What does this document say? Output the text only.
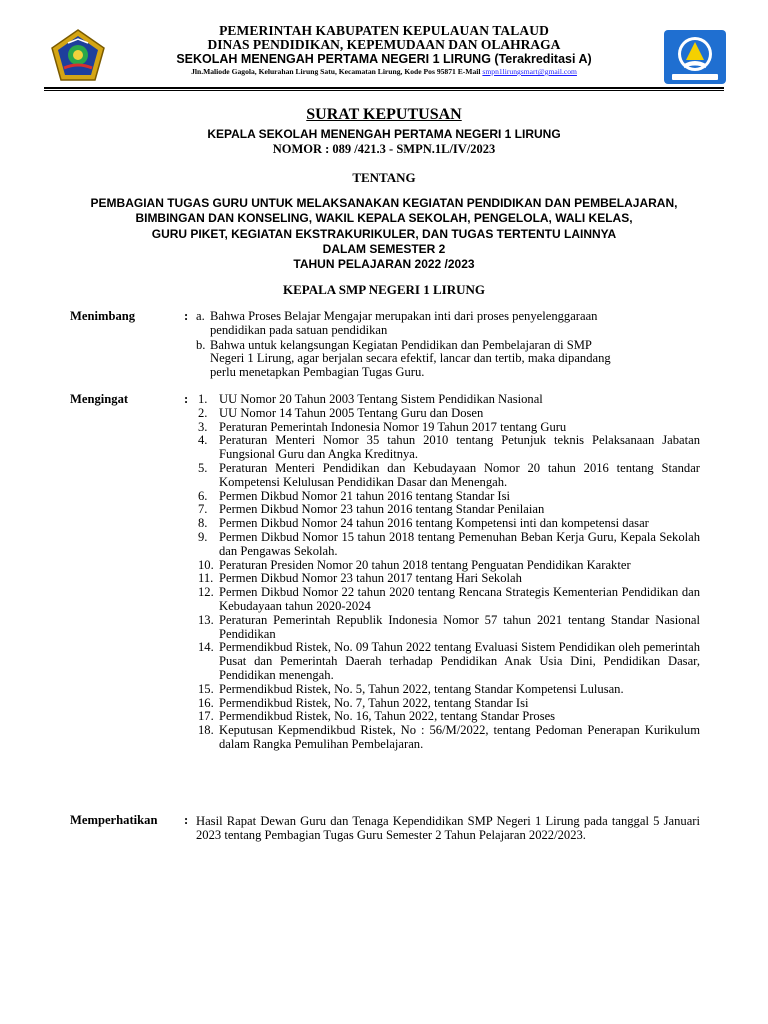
PEMERINTAH KABUPATEN KEPULAUAN TALAUD
DINAS PENDIDIKAN, KEPEMUDAAN DAN OLAHRAGA
SEKOLAH MENENGAH PERTAMA NEGERI 1 LIRUNG (Terakreditasi A)
Jln.Maliode Gagola, Kelurahan Lirung Satu, Kecamatan Lirung, Kode Pos 95871 E-Mail smpn1lirungsmart@gmail.com
SURAT KEPUTUSAN
KEPALA SEKOLAH MENENGAH PERTAMA NEGERI 1 LIRUNG
NOMOR : 089 /421.3 - SMPN.1L/IV/2023
TENTANG
PEMBAGIAN TUGAS GURU UNTUK MELAKSANAKAN KEGIATAN PENDIDIKAN DAN PEMBELAJARAN,
BIMBINGAN DAN KONSELING, WAKIL KEPALA SEKOLAH, PENGELOLA, WALI KELAS,
GURU PIKET, KEGIATAN EKSTRAKURIKULER, DAN TUGAS TERTENTU LAINNYA
DALAM SEMESTER 2
TAHUN PELAJARAN 2022 /2023
KEPALA SMP NEGERI 1 LIRUNG
Menimbang	: a. Bahwa Proses Belajar Mengajar merupakan inti dari proses penyelenggaraan
pendidikan pada satuan pendidikan
b. Bahwa untuk kelangsungan Kegiatan Pendidikan dan Pembelajaran di SMP
Negeri 1 Lirung, agar berjalan secara efektif, lancar dan tertib, maka dipandang
perlu menetapkan Pembagian Tugas Guru.
Mengingat	: 1. UU Nomor 20 Tahun 2003 Tentang Sistem Pendidikan Nasional
2. UU Nomor 14 Tahun 2005 Tentang Guru dan Dosen
3. Peraturan Pemerintah Indonesia Nomor 19 Tahun 2017 tentang Guru
4. Peraturan Menteri Nomor 35 tahun 2010 tentang Petunjuk teknis Pelaksanaan Jabatan Fungsional Guru dan Angka Kreditnya.
5. Peraturan Menteri Pendidikan dan Kebudayaan Nomor 20 tahun 2016 tentang Standar Kompetensi Kelulusan Pendidikan Dasar dan Menengah.
6. Permen Dikbud Nomor 21 tahun 2016 tentang Standar Isi
7. Permen Dikbud Nomor 23 tahun 2016 tentang Standar Penilaian
8. Permen Dikbud Nomor 24 tahun 2016 tentang Kompetensi inti dan kompetensi dasar
9. Permen Dikbud Nomor 15 tahun 2018 tentang Pemenuhan Beban Kerja Guru, Kepala Sekolah dan Pengawas Sekolah.
10. Peraturan Presiden Nomor 20 tahun 2018 tentang Penguatan Pendidikan Karakter
11. Permen Dikbud Nomor 23 tahun 2017 tentang Hari Sekolah
12. Permen Dikbud Nomor 22 tahun 2020 tentang Rencana Strategis Kementerian Pendidikan dan Kebudayaan tahun 2020-2024
13. Peraturan Pemerintah Republik Indonesia Nomor 57 tahun 2021 tentang Standar Nasional Pendidikan
14. Permendikbud Ristek, No. 09 Tahun 2022 tentang Evaluasi Sistem Pendidikan oleh pemerintah Pusat dan Pemerintah Daerah terhadap Pendidikan Anak Usia Dini, Pendidikan Dasar, Pendidikan menengah.
15. Permendikbud Ristek, No. 5, Tahun 2022, tentang Standar Kompetensi Lulusan.
16. Permendikbud Ristek, No. 7, Tahun 2022, tentang Standar Isi
17. Permendikbud Ristek, No. 16, Tahun 2022, tentang Standar Proses
18. Keputusan Kepmendikbud Ristek, No : 56/M/2022, tentang Pedoman Penerapan Kurikulum dalam Rangka Pemulihan Pembelajaran.
Memperhatikan : Hasil Rapat Dewan Guru dan Tenaga Kependidikan SMP Negeri 1 Lirung pada tanggal 5 Januari 2023 tentang Pembagian Tugas Guru Semester 2 Tahun Pelajaran 2022/2023.
